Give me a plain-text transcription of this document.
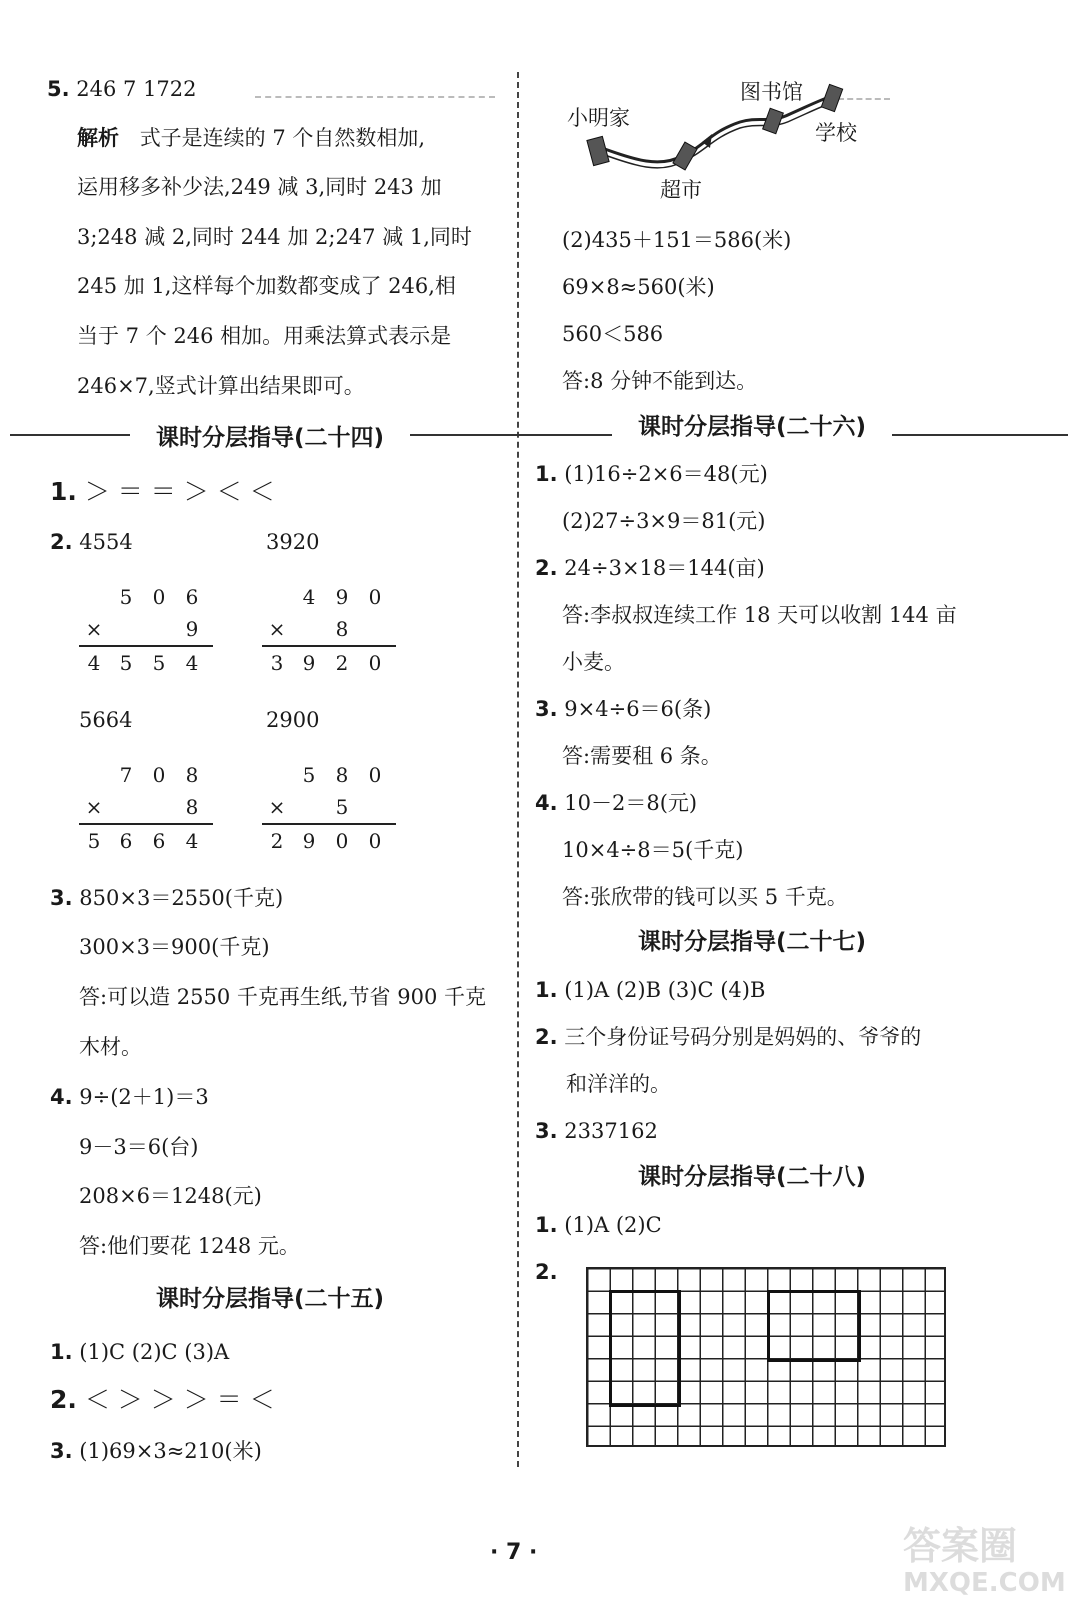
5. 246 7 1722
解析 式子是连续的 7 个自然数相加,
运用移多补少法,249 减 3,同时 243 加
3;248 减 2,同时 244 加 2;247 减 1,同时
245 加 1,这样每个加数都变成了 246,相
当于 7 个 246 相加。用乘法算式表示是
246×7,竖式计算出结果即可。
课时分层指导(二十四)
1. ＞ ＝ ＝ ＞ ＜ ＜
2. 4554	3920
5664	2900
5	0	6
×	9
4 5	5	4
4	9	0
×	8
3 9	2	0
7	0	8
×	8
5 6	6	4
5	8	0
×	5
2 9	0	0
3. 850×3＝2550(千克)
300×3＝900(千克)
答:可以造 2550 千克再生纸,节省 900 千克
木材。
4. 9÷(2＋1)＝3
9－3＝6(台)
208×6＝1248(元)
答:他们要花 1248 元。
课时分层指导(二十五)
1. (1)C (2)C (3)A
2. ＜ ＞ ＞ ＞ ＝ ＜
3. (1)69×3≈210(米)
图书馆
小明家
学校
超市
(2)435＋151＝586(米)
69×8≈560(米)
560＜586
答:8 分钟不能到达。
课时分层指导(二十六)
1. (1)16÷2×6＝48(元)
(2)27÷3×9＝81(元)
2. 24÷3×18＝144(亩)
答:李叔叔连续工作 18 天可以收割 144 亩
小麦。
3. 9×4÷6＝6(条)
答:需要租 6 条。
4. 10－2＝8(元)
10×4÷8＝5(千克)
答:张欣带的钱可以买 5 千克。
课时分层指导(二十七)
1. (1)A (2)B (3)C (4)B
2. 三个身份证号码分别是妈妈的、爷爷的
和洋洋的。
3. 2337162
课时分层指导(二十八)
1. (1)A (2)C
2.
· 7 ·	答案圈
MXQE.COM
